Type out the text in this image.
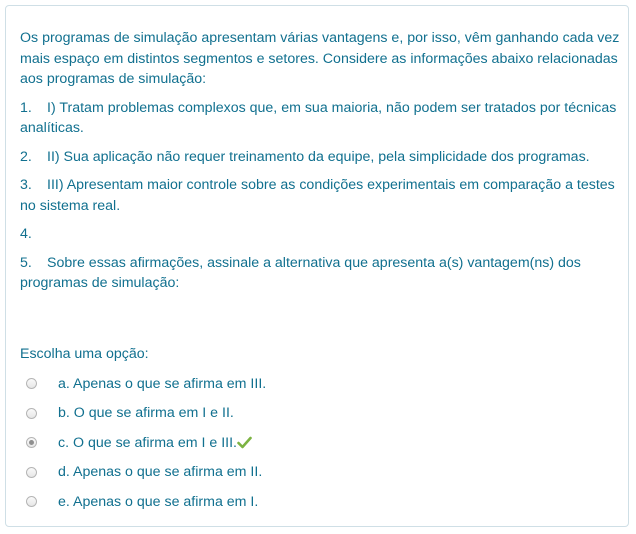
Os programas de simulação apresentam várias vantagens e, por isso, vêm ganhando cada vez mais espaço em distintos segmentos e setores. Considere as informações abaixo relacionadas aos programas de simulação:

1. I) Tratam problemas complexos que, em sua maioria, não podem ser tratados por técnicas analíticas.

2. II) Sua aplicação não requer treinamento da equipe, pela simplicidade dos programas.

3. III) Apresentam maior controle sobre as condições experimentais em comparação a testes no sistema real.

4.

5. Sobre essas afirmações, assinale a alternativa que apresenta a(s) vantagem(ns) dos programas de simulação:

Escolha uma opção:
a. Apenas o que se afirma em III.
b. O que se afirma em I e II.
c. O que se afirma em I e III.
d. Apenas o que se afirma em II.
e. Apenas o que se afirma em I.
